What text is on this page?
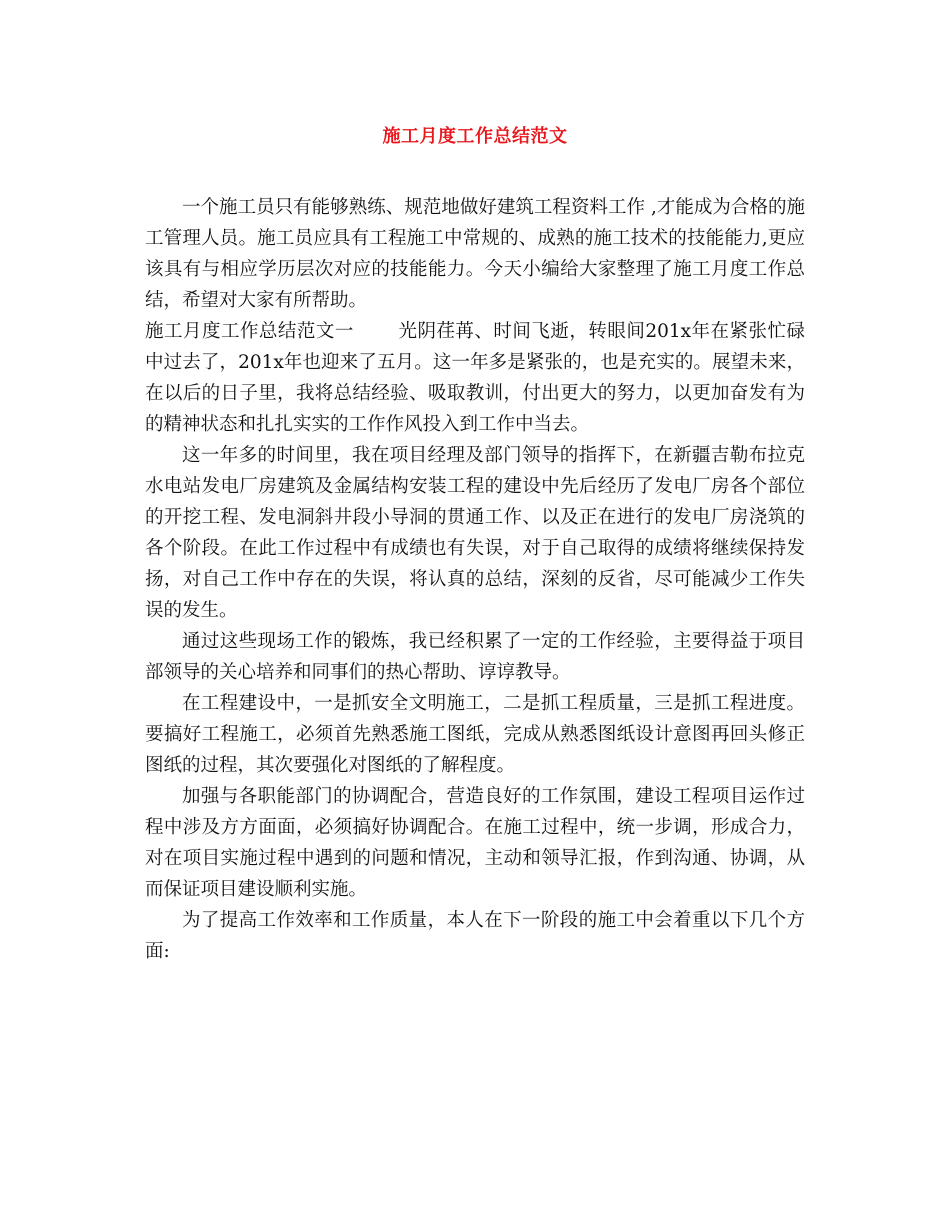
施工月度工作总结范文

一个施工员只有能够熟练、规范地做好建筑工程资料工作 ,才能成为合格的施工管理人员。施工员应具有工程施工中常规的、成熟的施工技术的技能能力,更应该具有与相应学历层次对应的技能能力。今天小编给大家整理了施工月度工作总结，希望对大家有所帮助。

施工月度工作总结范文一 光阴荏苒、时间飞逝，转眼间201x年在紧张忙碌中过去了，201x年也迎来了五月。这一年多是紧张的，也是充实的。展望未来，在以后的日子里，我将总结经验、吸取教训，付出更大的努力，以更加奋发有为的精神状态和扎扎实实的工作作风投入到工作中当去。

这一年多的时间里，我在项目经理及部门领导的指挥下，在新疆吉勒布拉克水电站发电厂房建筑及金属结构安装工程的建设中先后经历了发电厂房各个部位的开挖工程、发电洞斜井段小导洞的贯通工作、以及正在进行的发电厂房浇筑的各个阶段。在此工作过程中有成绩也有失误，对于自己取得的成绩将继续保持发扬，对自己工作中存在的失误，将认真的总结，深刻的反省，尽可能减少工作失误的发生。

通过这些现场工作的锻炼，我已经积累了一定的工作经验，主要得益于项目部领导的关心培养和同事们的热心帮助、谆谆教导。

在工程建设中，一是抓安全文明施工，二是抓工程质量，三是抓工程进度。要搞好工程施工，必须首先熟悉施工图纸，完成从熟悉图纸设计意图再回头修正图纸的过程，其次要强化对图纸的了解程度。

加强与各职能部门的协调配合，营造良好的工作氛围，建设工程项目运作过程中涉及方方面面，必须搞好协调配合。在施工过程中，统一步调，形成合力，对在项目实施过程中遇到的问题和情况，主动和领导汇报，作到沟通、协调，从而保证项目建设顺利实施。

为了提高工作效率和工作质量，本人在下一阶段的施工中会着重以下几个方面:
